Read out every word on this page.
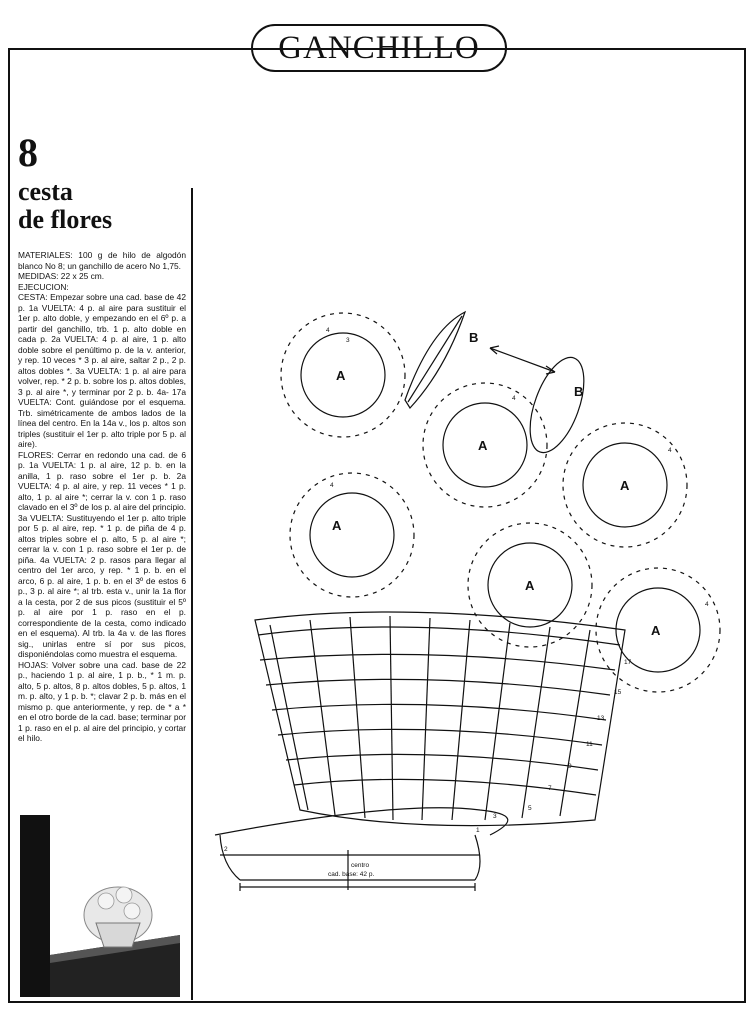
GANCHILLO
8
cesta
de flores

MATERIALES: 100 g de hilo de algodón blanco No 8; un ganchillo de acero No 1,75.

MEDIDAS: 22 x 25 cm.

EJECUCION:

CESTA: Empezar sobre una cad. base de 42 p. 1a VUELTA: 4 p. al aire para sustituir el 1er p. alto doble, y empezando en el 6º p. a partir del ganchillo, trb. 1 p. alto doble en cada p. 2a VUELTA: 4 p. al aire, 1 p. alto doble sobre el penúltimo p. de la v. anterior, y rep. 10 veces * 3 p. al aire, saltar 2 p., 2 p. altos dobles *. 3a VUELTA: 1 p. al aire para volver, rep. * 2 p. b. sobre los p. altos dobles, 3 p. al aire *, y terminar por 2 p. b. 4a- 17a VUELTA: Cont. guiándose por el esquema. Trb. simétricamente de ambos lados de la línea del centro. En la 14a v., los p. altos son triples (sustituir el 1er p. alto triple por 5 p. al aire).

FLORES: Cerrar en redondo una cad. de 6 p. 1a VUELTA: 1 p. al aire, 12 p. b. en la anilla, 1 p. raso sobre el 1er p. b. 2a VUELTA: 4 p. al aire, y rep. 11 veces * 1 p. alto, 1 p. al aire *; cerrar la v. con 1 p. raso clavado en el 3º de los p. al aire del principio. 3a VUELTA: Sustituyendo el 1er p. alto triple por 5 p. al aire, rep. * 1 p. de piña de 4 p. altos triples sobre el p. alto, 5 p. al aire *; cerrar la v. con 1 p. raso sobre el 1er p. de piña. 4a VUELTA: 2 p. rasos para llegar al centro del 1er arco, y rep. * 1 p. b. en el arco, 6 p. al aire, 1 p. b. en el 3º de estos 6 p., 3 p. al aire *; al trb. esta v., unir la 1a flor a la cesta, por 2 de sus picos (sustituir el 5º p. al aire por 1 p. raso en el p. correspondiente de la cesta, como indicado en el esquema). Al trb. la 4a v. de las flores sig., unirlas entre sí por sus picos, disponiéndolas como muestra el esquema.

HOJAS: Volver sobre una cad. base de 22 p., haciendo 1 p. al aire, 1 p. b., * 1 m. p. alto, 5 p. altos, 8 p. altos dobles, 5 p. altos, 1 m. p. alto, y 1 p. b. *; clavar 2 p. b. más en el mismo p. que anteriormente, y rep. de * a * en el otro borde de la cad. base; terminar por 1 p. raso en el p. al aire del principio, y cortar el hilo.

A
A
A
A
A
A
B
B
centro
cad. base: 42 p.
2
1
3
5
7
9
11
13
15
17
4
3
4
4
4
4
